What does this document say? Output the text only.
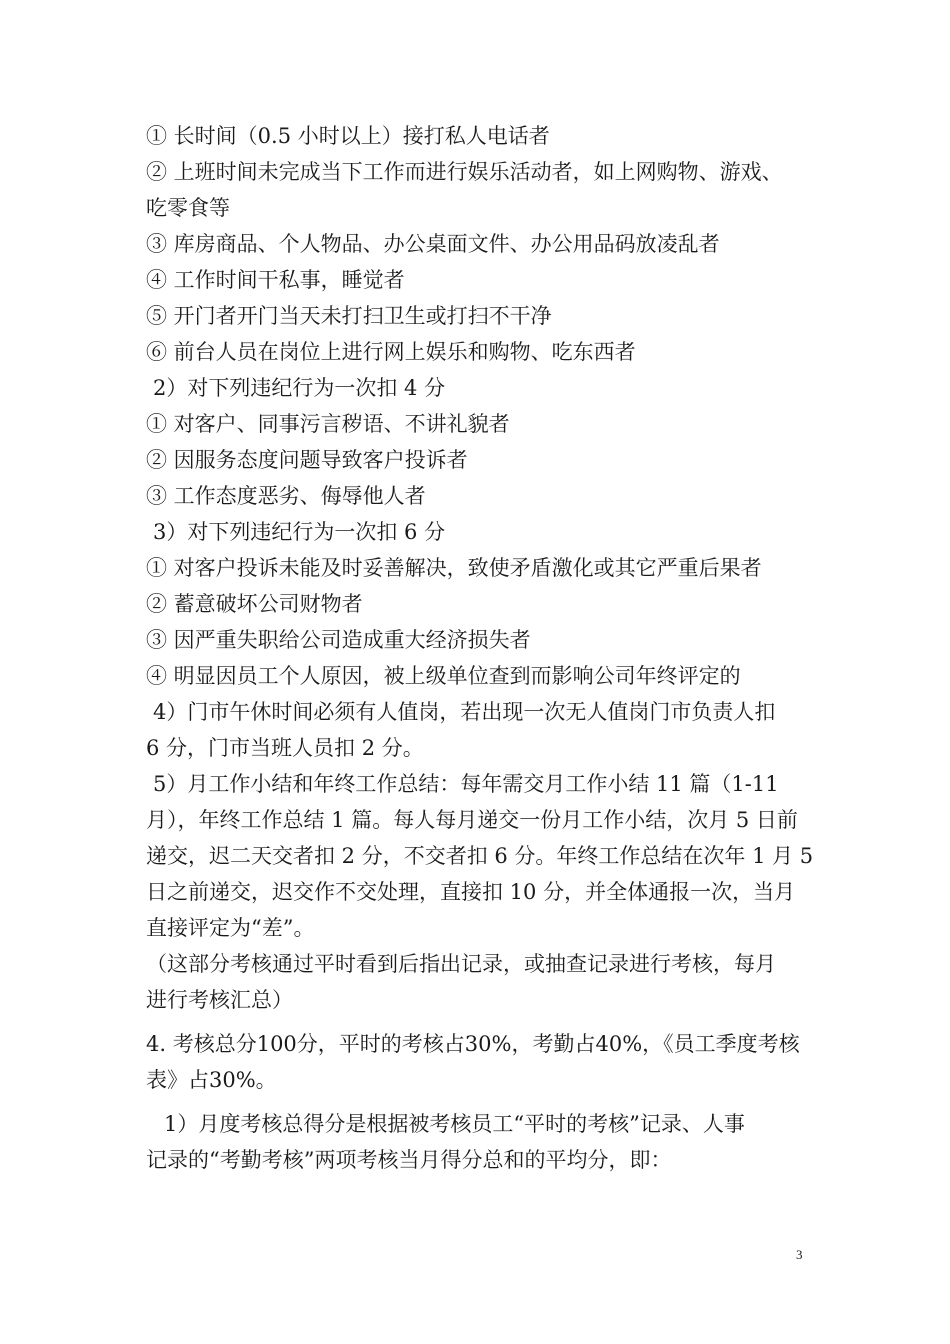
① 长时间（0.5 小时以上）接打私人电话者
② 上班时间未完成当下工作而进行娱乐活动者，如上网购物、游戏、
吃零食等
③ 库房商品、个人物品、办公桌面文件、办公用品码放凌乱者
④ 工作时间干私事，睡觉者
⑤ 开门者开门当天未打扫卫生或打扫不干净
⑥ 前台人员在岗位上进行网上娱乐和购物、吃东西者
2）对下列违纪行为一次扣 4 分
① 对客户、同事污言秽语、不讲礼貌者
② 因服务态度问题导致客户投诉者
③ 工作态度恶劣、侮辱他人者
3）对下列违纪行为一次扣 6 分
① 对客户投诉未能及时妥善解决，致使矛盾激化或其它严重后果者
② 蓄意破坏公司财物者
③ 因严重失职给公司造成重大经济损失者
④ 明显因员工个人原因，被上级单位查到而影响公司年终评定的
4）门市午休时间必须有人值岗，若出现一次无人值岗门市负责人扣
6 分，门市当班人员扣 2 分。
5）月工作小结和年终工作总结：每年需交月工作小结 11 篇（1-11
月），年终工作总结 1 篇。每人每月递交一份月工作小结，次月 5 日前
递交，迟二天交者扣 2 分，不交者扣 6 分。年终工作总结在次年 1 月 5
日之前递交，迟交作不交处理，直接扣 10 分，并全体通报一次，当月
直接评定为“差”。
（这部分考核通过平时看到后指出记录，或抽查记录进行考核，每月
进行考核汇总）
4. 考核总分100分，平时的考核占30%，考勤占40%，《员工季度考核
表》占30%。
1）月度考核总得分是根据被考核员工“平时的考核”记录、人事
记录的“考勤考核”两项考核当月得分总和的平均分，即：
3
